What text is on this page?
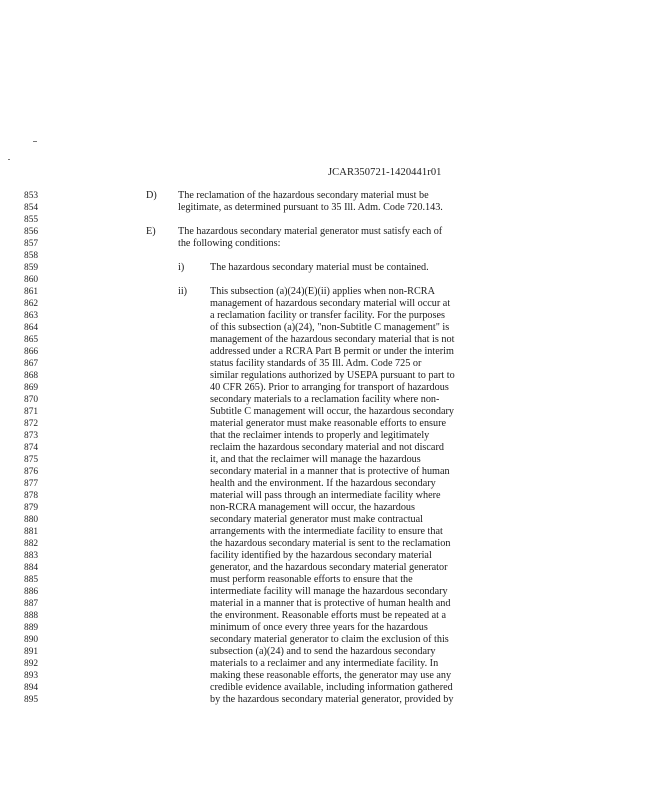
JCAR350721-1420441r01
853
854
855
856
857
858
859
860
861
862
863
864
865
866
867
868
869
870
871
872
873
874
875
876
877
878
879
880
881
882
883
884
885
886
887
888
889
890
891
892
893
894
895
D) The reclamation of the hazardous secondary material must be
legitimate, as determined pursuant to 35 Ill. Adm. Code 720.143.
E) The hazardous secondary material generator must satisfy each of
the following conditions:
i)	The hazardous secondary material must be contained.
ii) This subsection (a)(24)(E)(ii) applies when non-RCRA
management of hazardous secondary material will occur at
a reclamation facility or transfer facility. For the purposes
of this subsection (a)(24), "non-Subtitle C management" is
management of the hazardous secondary material that is not
addressed under a RCRA Part B permit or under the interim
status facility standards of 35 Ill. Adm. Code 725 or
similar regulations authorized by USEPA pursuant to part to
40 CFR 265). Prior to arranging for transport of hazardous
secondary materials to a reclamation facility where non-
Subtitle C management will occur, the hazardous secondary
material generator must make reasonable efforts to ensure
that the reclaimer intends to properly and legitimately
reclaim the hazardous secondary material and not discard
it, and that the reclaimer will manage the hazardous
secondary material in a manner that is protective of human
health and the environment. If the hazardous secondary
material will pass through an intermediate facility where
non-RCRA management will occur, the hazardous
secondary material generator must make contractual
arrangements with the intermediate facility to ensure that
the hazardous secondary material is sent to the reclamation
facility identified by the hazardous secondary material
generator, and the hazardous secondary material generator
must perform reasonable efforts to ensure that the
intermediate facility will manage the hazardous secondary
material in a manner that is protective of human health and
the environment. Reasonable efforts must be repeated at a
minimum of once every three years for the hazardous
secondary material generator to claim the exclusion of this
subsection (a)(24) and to send the hazardous secondary
materials to a reclaimer and any intermediate facility. In
making these reasonable efforts, the generator may use any
credible evidence available, including information gathered
by the hazardous secondary material generator, provided by
